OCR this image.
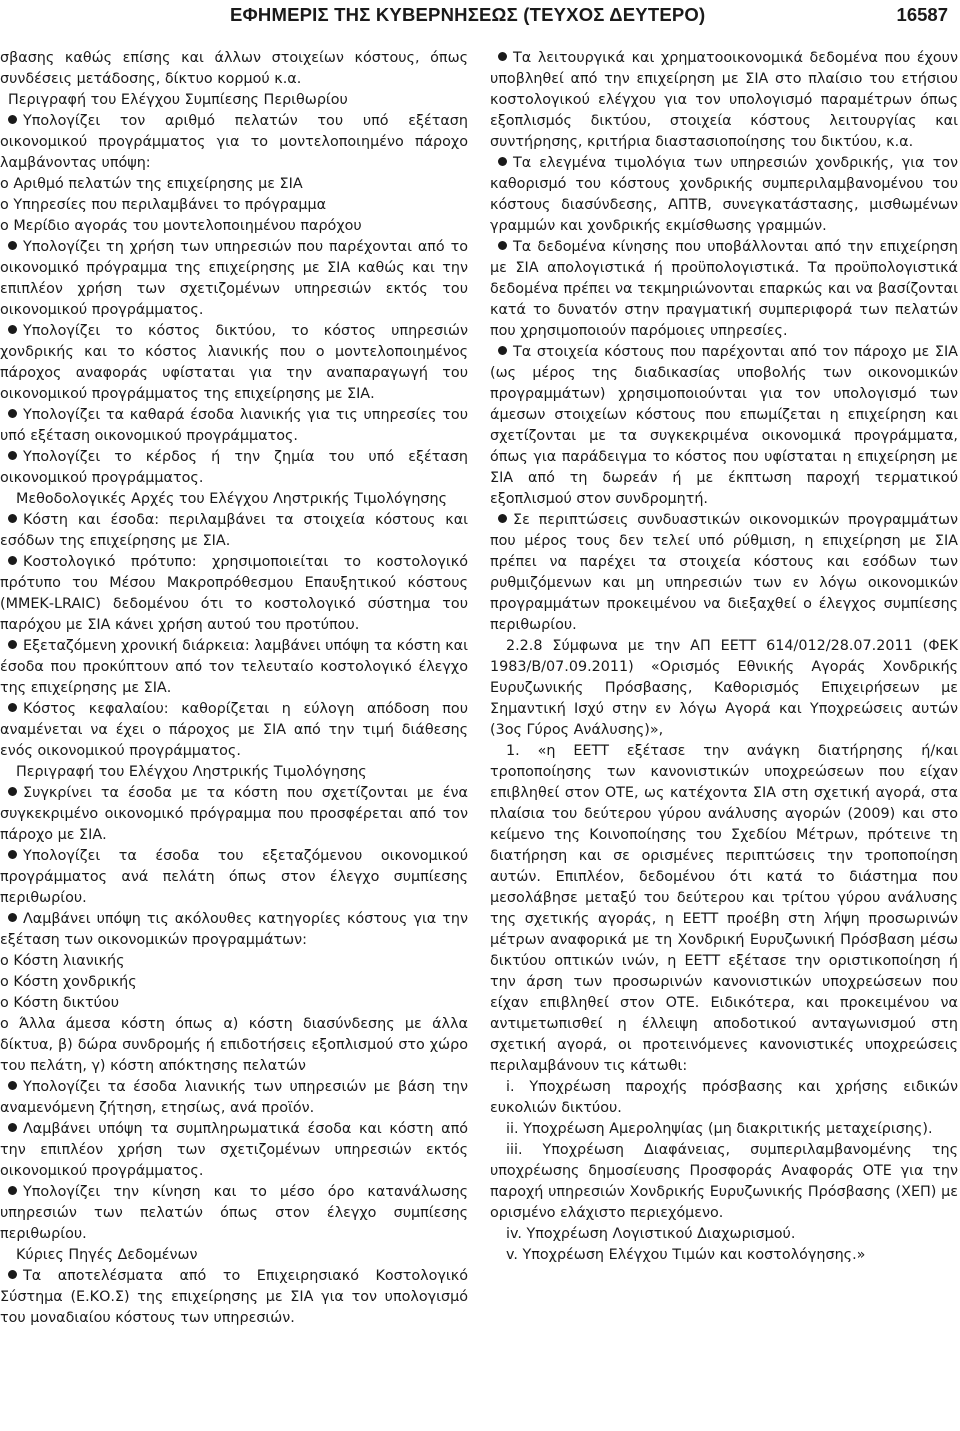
ΕΦΗΜΕΡΙΣ ΤΗΣ ΚΥΒΕΡΝΗΣΕΩΣ (ΤΕΥΧΟΣ ΔΕΥΤΕΡΟ)	16587

σβασης καθώς επίσης και άλλων στοιχείων κόστους, όπως συνδέσεις μετάδοσης, δίκτυο κορμού κ.α.

Περιγραφή του Ελέγχου Συμπίεσης Περιθωρίου

Υπολογίζει τον αριθμό πελατών του υπό εξέταση οικονομικού προγράμματος για το μοντελοποιημένο πάροχο λαμβάνοντας υπόψη:

ο Αριθμό πελατών της επιχείρησης με ΣΙΑ

ο Υπηρεσίες που περιλαμβάνει το πρόγραμμα

ο Μερίδιο αγοράς του μοντελοποιημένου παρόχου

Υπολογίζει τη χρήση των υπηρεσιών που παρέχονται από το οικονομικό πρόγραμμα της επιχείρησης με ΣΙΑ καθώς και την επιπλέον χρήση των σχετιζομένων υπηρεσιών εκτός του οικονομικού προγράμματος.

Υπολογίζει το κόστος δικτύου, το κόστος υπηρεσιών χονδρικής και το κόστος λιανικής που ο μοντελοποιημένος πάροχος αναφοράς υφίσταται για την αναπαραγωγή του οικονομικού προγράμματος της επιχείρησης με ΣΙΑ.

Υπολογίζει τα καθαρά έσοδα λιανικής για τις υπηρεσίες του υπό εξέταση οικονομικού προγράμματος.

Υπολογίζει το κέρδος ή την ζημία του υπό εξέταση οικονομικού προγράμματος.

Μεθοδολογικές Αρχές του Ελέγχου Ληστρικής Τιμολόγησης

Κόστη και έσοδα: περιλαμβάνει τα στοιχεία κόστους και εσόδων της επιχείρησης με ΣΙΑ.

Κοστολογικό πρότυπο: χρησιμοποιείται το κοστολογικό πρότυπο του Μέσου Μακροπρόθεσμου Επαυξητικού κόστους (ΜΜΕΚ-LRAIC) δεδομένου ότι το κοστολογικό σύστημα του παρόχου με ΣΙΑ κάνει χρήση αυτού του προτύπου.

Εξεταζόμενη χρονική διάρκεια: λαμβάνει υπόψη τα κόστη και έσοδα που προκύπτουν από τον τελευταίο κοστολογικό έλεγχο της επιχείρησης με ΣΙΑ.

Κόστος κεφαλαίου: καθορίζεται η εύλογη απόδοση που αναμένεται να έχει ο πάροχος με ΣΙΑ από την τιμή διάθεσης ενός οικονομικού προγράμματος.

Περιγραφή του Ελέγχου Ληστρικής Τιμολόγησης

Συγκρίνει τα έσοδα με τα κόστη που σχετίζονται με ένα συγκεκριμένο οικονομικό πρόγραμμα που προσφέρεται από τον πάροχο με ΣΙΑ.

Υπολογίζει τα έσοδα του εξεταζόμενου οικονομικού προγράμματος ανά πελάτη όπως στον έλεγχο συμπίεσης περιθωρίου.

Λαμβάνει υπόψη τις ακόλουθες κατηγορίες κόστους για την εξέταση των οικονομικών προγραμμάτων:

ο Κόστη λιανικής

ο Κόστη χονδρικής

ο Κόστη δικτύου

ο Άλλα άμεσα κόστη όπως α) κόστη διασύνδεσης με άλλα δίκτυα, β) δώρα συνδρομής ή επιδοτήσεις εξοπλισμού στο χώρο του πελάτη, γ) κόστη απόκτησης πελατών

Υπολογίζει τα έσοδα λιανικής των υπηρεσιών με βάση την αναμενόμενη ζήτηση, ετησίως, ανά προϊόν.

Λαμβάνει υπόψη τα συμπληρωματικά έσοδα και κόστη από την επιπλέον χρήση των σχετιζομένων υπηρεσιών εκτός οικονομικού προγράμματος.

Υπολογίζει την κίνηση και το μέσο όρο κατανάλωσης υπηρεσιών των πελατών όπως στον έλεγχο συμπίεσης περιθωρίου.

Κύριες Πηγές Δεδομένων

Τα αποτελέσματα από το Επιχειρησιακό Κοστολογικό Σύστημα (Ε.ΚΟ.Σ) της επιχείρησης με ΣΙΑ για τον υπολογισμό του μοναδιαίου κόστους των υπηρεσιών.

Τα λειτουργικά και χρηματοοικονομικά δεδομένα που έχουν υποβληθεί από την επιχείρηση με ΣΙΑ στο πλαίσιο του ετήσιου κοστολογικού ελέγχου για τον υπολογισμό παραμέτρων όπως εξοπλισμός δικτύου, στοιχεία κόστους λειτουργίας και συντήρησης, κριτήρια διαστασιοποίησης του δικτύου, κ.α.

Τα ελεγμένα τιμολόγια των υπηρεσιών χονδρικής, για τον καθορισμό του κόστους χονδρικής συμπεριλαμβανομένου του κόστους διασύνδεσης, ΑΠΤΒ, συνεγκατάστασης, μισθωμένων γραμμών και χονδρικής εκμίσθωσης γραμμών.

Τα δεδομένα κίνησης που υποβάλλονται από την επιχείρηση με ΣΙΑ απολογιστικά ή προϋπολογιστικά. Τα προϋπολογιστικά δεδομένα πρέπει να τεκμηριώνονται επαρκώς και να βασίζονται κατά το δυνατόν στην πραγματική συμπεριφορά των πελατών που χρησιμοποιούν παρόμοιες υπηρεσίες.

Τα στοιχεία κόστους που παρέχονται από τον πάροχο με ΣΙΑ (ως μέρος της διαδικασίας υποβολής των οικονομικών προγραμμάτων) χρησιμοποιούνται για τον υπολογισμό των άμεσων στοιχείων κόστους που επωμίζεται η επιχείρηση και σχετίζονται με τα συγκεκριμένα οικονομικά προγράμματα, όπως για παράδειγμα το κόστος που υφίσταται η επιχείρηση με ΣΙΑ από τη δωρεάν ή με έκπτωση παροχή τερματικού εξοπλισμού στον συνδρομητή.

Σε περιπτώσεις συνδυαστικών οικονομικών προγραμμάτων που μέρος τους δεν τελεί υπό ρύθμιση, η επιχείρηση με ΣΙΑ πρέπει να παρέχει τα στοιχεία κόστους και εσόδων των ρυθμιζόμενων και μη υπηρεσιών των εν λόγω οικονομικών προγραμμάτων προκειμένου να διεξαχθεί ο έλεγχος συμπίεσης περιθωρίου.

2.2.8 Σύμφωνα με την ΑΠ ΕΕΤΤ 614/012/28.07.2011 (ΦΕΚ 1983/Β/07.09.2011) «Ορισμός Εθνικής Αγοράς Χονδρικής Ευρυζωνικής Πρόσβασης, Καθορισμός Επιχειρήσεων με Σημαντική Ισχύ στην εν λόγω Αγορά και Υποχρεώσεις αυτών (3ος Γύρος Ανάλυσης)»,

1. «η ΕΕΤΤ εξέτασε την ανάγκη διατήρησης ή/και τροποποίησης των κανονιστικών υποχρεώσεων που είχαν επιβληθεί στον ΟΤΕ, ως κατέχοντα ΣΙΑ στη σχετική αγορά, στα πλαίσια του δεύτερου γύρου ανάλυσης αγορών (2009) και στο κείμενο της Κοινοποίησης του Σχεδίου Μέτρων, πρότεινε τη διατήρηση και σε ορισμένες περιπτώσεις την τροποποίηση αυτών. Επιπλέον, δεδομένου ότι κατά το διάστημα που μεσολάβησε μεταξύ του δεύτερου και τρίτου γύρου ανάλυσης της σχετικής αγοράς, η ΕΕΤΤ προέβη στη λήψη προσωρινών μέτρων αναφορικά με τη Χονδρική Ευρυζωνική Πρόσβαση μέσω δικτύου οπτικών ινών, η ΕΕΤΤ εξέτασε την οριστικοποίηση ή την άρση των προσωρινών κανονιστικών υποχρεώσεων που είχαν επιβληθεί στον ΟΤΕ. Ειδικότερα, και προκειμένου να αντιμετωπισθεί η έλλειψη αποδοτικού ανταγωνισμού στη σχετική αγορά, οι προτεινόμενες κανονιστικές υποχρεώσεις περιλαμβάνουν τις κάτωθι:

i. Υποχρέωση παροχής πρόσβασης και χρήσης ειδικών ευκολιών δικτύου.

ii. Υποχρέωση Αμεροληψίας (μη διακριτικής μεταχείρισης).

iii. Υποχρέωση Διαφάνειας, συμπεριλαμβανομένης της υποχρέωσης δημοσίευσης Προσφοράς Αναφοράς ΟΤΕ για την παροχή υπηρεσιών Χονδρικής Ευρυζωνικής Πρόσβασης (ΧΕΠ) με ορισμένο ελάχιστο περιεχόμενο.

iv. Υποχρέωση Λογιστικού Διαχωρισμού.

v. Υποχρέωση Ελέγχου Τιμών και κοστολόγησης.»
